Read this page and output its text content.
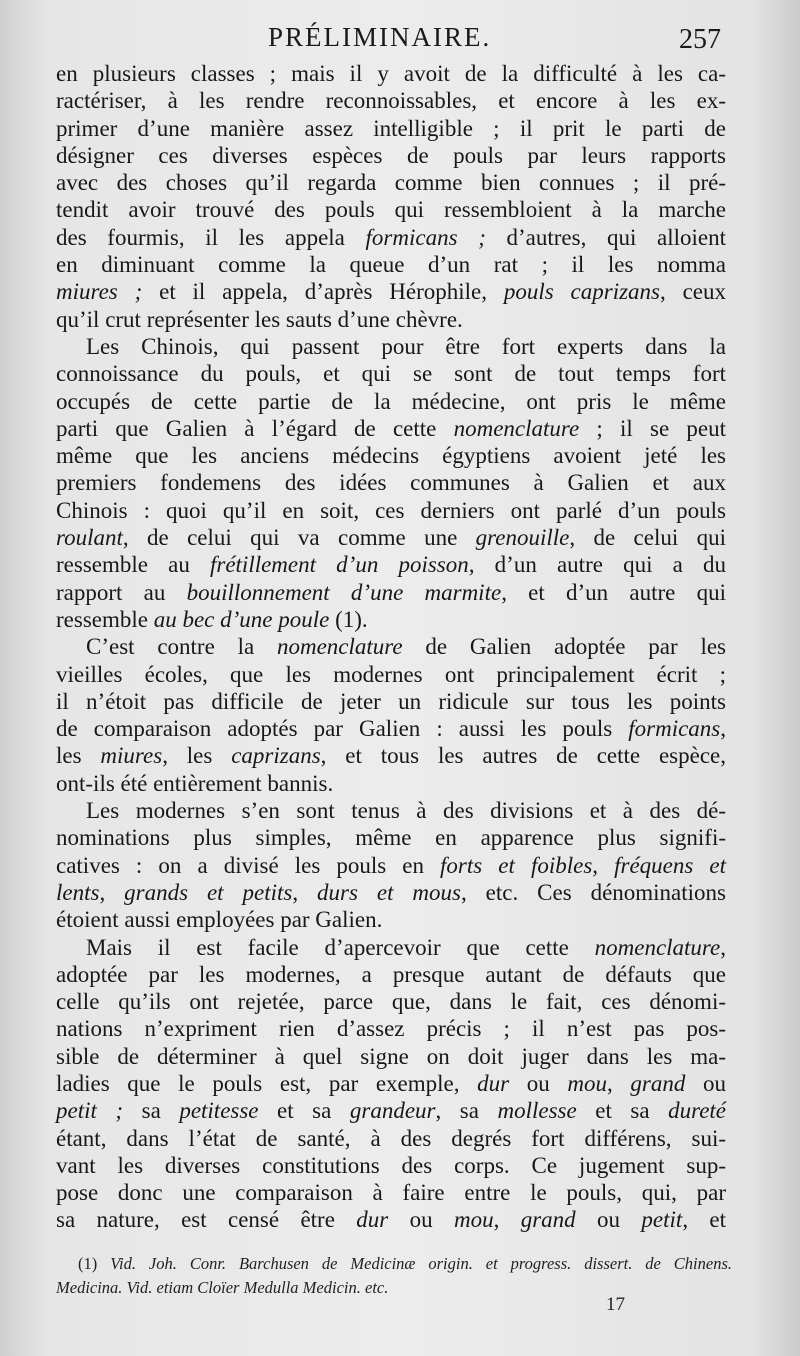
PRÉLIMINAIRE.	257
en plusieurs classes ; mais il y avoit de la difficulté à les ca-
ractériser, à les rendre reconnoissables, et encore à les ex-
primer d’une manière assez intelligible ; il prit le parti de
désigner ces diverses espèces de pouls par leurs rapports
avec des choses qu’il regarda comme bien connues ; il pré-
tendit avoir trouvé des pouls qui ressembloient à la marche
des fourmis, il les appela formicans ; d’autres, qui alloient
en diminuant comme la queue d’un rat ; il les nomma
miures ; et il appela, d’après Hérophile, pouls caprizans, ceux
qu’il crut représenter les sauts d’une chèvre.
Les Chinois, qui passent pour être fort experts dans la
connoissance du pouls, et qui se sont de tout temps fort
occupés de cette partie de la médecine, ont pris le même
parti que Galien à l’égard de cette nomenclature ; il se peut
même que les anciens médecins égyptiens avoient jeté les
premiers fondemens des idées communes à Galien et aux
Chinois : quoi qu’il en soit, ces derniers ont parlé d’un pouls
roulant, de celui qui va comme une grenouille, de celui qui
ressemble au frétillement d’un poisson, d’un autre qui a du
rapport au bouillonnement d’une marmite, et d’un autre qui
ressemble au bec d’une poule (1).
C’est contre la nomenclature de Galien adoptée par les
vieilles écoles, que les modernes ont principalement écrit ;
il n’étoit pas difficile de jeter un ridicule sur tous les points
de comparaison adoptés par Galien : aussi les pouls formicans,
les miures, les caprizans, et tous les autres de cette espèce,
ont-ils été entièrement bannis.
Les modernes s’en sont tenus à des divisions et à des dé-
nominations plus simples, même en apparence plus signifi-
catives : on a divisé les pouls en forts et foibles, fréquens et
lents, grands et petits, durs et mous, etc. Ces dénominations
étoient aussi employées par Galien.
Mais il est facile d’apercevoir que cette nomenclature,
adoptée par les modernes, a presque autant de défauts que
celle qu’ils ont rejetée, parce que, dans le fait, ces dénomi-
nations n’expriment rien d’assez précis ; il n’est pas pos-
sible de déterminer à quel signe on doit juger dans les ma-
ladies que le pouls est, par exemple, dur ou mou, grand ou
petit ; sa petitesse et sa grandeur, sa mollesse et sa dureté
étant, dans l’état de santé, à des degrés fort différens, sui-
vant les diverses constitutions des corps. Ce jugement sup-
pose donc une comparaison à faire entre le pouls, qui, par
sa nature, est censé être dur ou mou, grand ou petit, et
(1) Vid. Joh. Conr. Barchusen de Medicinæ origin. et progress. dissert. de Chinens.
Medicina. Vid. etiam Cloïer Medulla Medicin. etc.
17
